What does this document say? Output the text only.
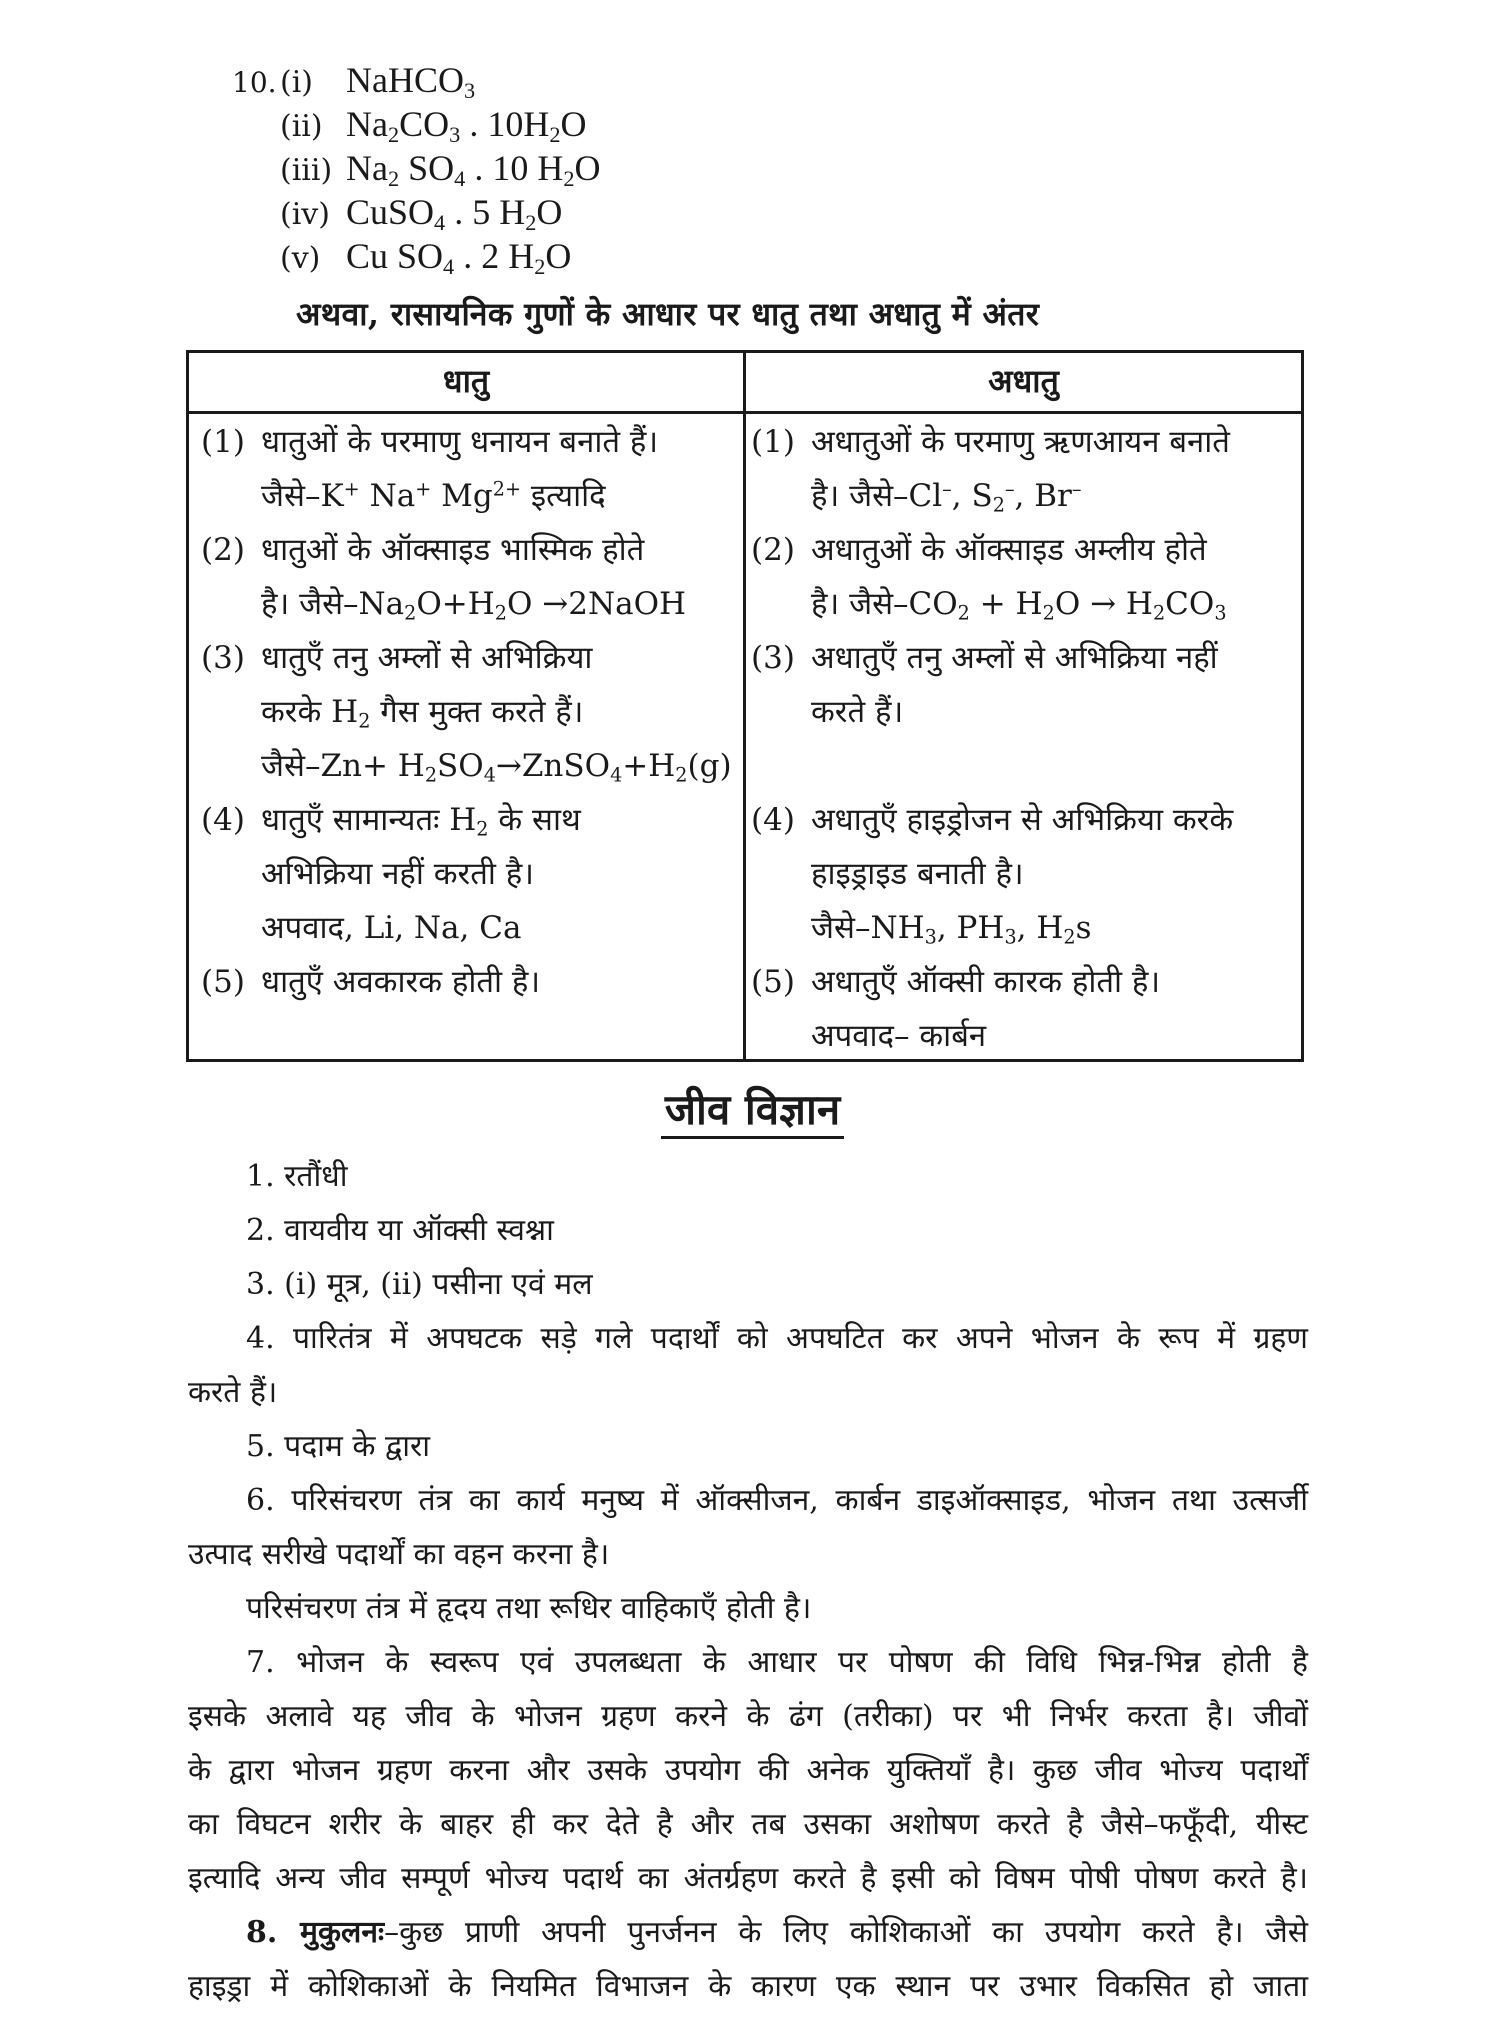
10. (i) NaHCO$_3$
(ii) $Na_2CO_3$ . $10H_2O$
(iii) $Na_2$ $SO_4$ . 10 $H_2O$
(iv) CuSO$_4$ . 5 $H_2O$
(v) Cu $SO_4$ . 2 $H_2O$
अथवा, रासायनिक गुणों के आधार पर धातु तथा अधातु में अंतर
धातु	अधातु
(1) धातुओं के परमाणु धनायन बनाते हैं।
जैसे–K+ Na+ $Mg^{2+}$ इत्यादि
(2) धातुओं के ऑक्साइड भास्मिक होते
है। $जैसे-Na_2O+H_2O$ →2NaOH
(3) धातुएँ तनु अम्लों से अभिक्रिया
करके $H_2$ गैस मुक्त करते हैं।
जैसे–Zn+ $H_2SO_4\to ZnSO_4+H_2(g)$
(4) धातुएँ सामान्यतः $H_2$ के साथ
अभिक्रिया नहीं करती है।
अपवाद, Li, Na, Ca
(5) धातुएँ अवकारक होती है।
(1) अधातुओं के परमाणु ऋणआयन बनाते
है। जैसे–Cl–, $S_2^-$, Br–
(2) अधातुओं के ऑक्साइड अम्लीय होते
है। $जैसे-CO_2 + H_2O \to H_2CO_3$
(3) अधातुएँ तनु अम्लों से अभिक्रिया नहीं
करते हैं।
(4) अधातुएँ हाइड्रोजन से अभिक्रिया करके
हाइड्राइड बनाती है।
$जैसे-NH_3$, $PH_3$, $H_2s$
(5) अधातुएँ ऑक्सी कारक होती है।
अपवाद– कार्बन
जीव विज्ञान
1. रतौंधी
2. वायवीय या ऑक्सी स्वश्ना
3. (i) मूत्र, (ii) पसीना एवं मल
4. पारितंत्र में अपघटक सड़े गले पदार्थों को अपघटित कर अपने भोजन के रूप में ग्रहण
करते हैं।
5. पदाम के द्वारा
6. परिसंचरण तंत्र का कार्य मनुष्य में ऑक्सीजन, कार्बन डाइऑक्साइड, भोजन तथा उत्सर्जी
उत्पाद सरीखे पदार्थों का वहन करना है।
परिसंचरण तंत्र में हृदय तथा रूधिर वाहिकाएँ होती है।
7. भोजन के स्वरूप एवं उपलब्धता के आधार पर पोषण की विधि भिन्न-भिन्न होती है
इसके अलावे यह जीव के भोजन ग्रहण करने के ढंग (तरीका) पर भी निर्भर करता है। जीवों
के द्वारा भोजन ग्रहण करना और उसके उपयोग की अनेक युक्तियाँ है। कुछ जीव भोज्य पदार्थों
का विघटन शरीर के बाहर ही कर देते है और तब उसका अशोषण करते है जैसे–फफूँदी, यीस्ट
इत्यादि अन्य जीव सम्पूर्ण भोज्य पदार्थ का अंतर्ग्रहण करते है इसी को विषम पोषी पोषण करते है।
8. मुकुलनः–कुछ प्राणी अपनी पुनर्जनन के लिए कोशिकाओं का उपयोग करते है। जैसे
हाइड्रा में कोशिकाओं के नियमित विभाजन के कारण एक स्थान पर उभार विकसित हो जाता
